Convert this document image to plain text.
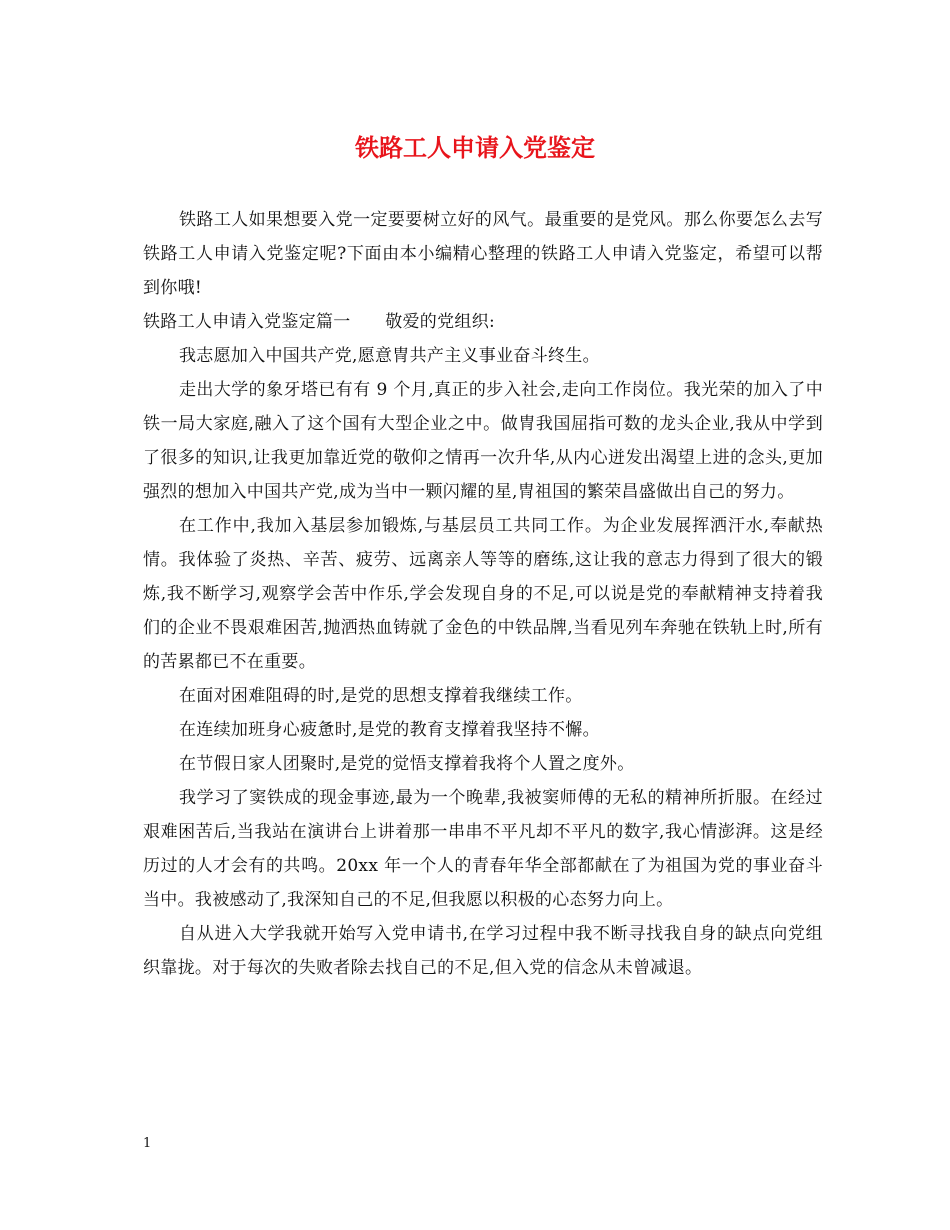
铁路工人申请入党鉴定

铁路工人如果想要入党一定要要树立好的风气。最重要的是党风。那么你要怎么去写铁路工人申请入党鉴定呢?下面由本小编精心整理的铁路工人申请入党鉴定，希望可以帮到你哦!

铁路工人申请入党鉴定篇一　　敬爱的党组织:

我志愿加入中国共产党,愿意冑共产主义事业奋斗终生。

走出大学的象牙塔已有有 9 个月,真正的步入社会,走向工作岗位。我光荣的加入了中铁一局大家庭,融入了这个国有大型企业之中。做冑我国屈指可数的龙头企业,我从中学到了很多的知识,让我更加靠近党的敬仰之情再一次升华,从内心迸发出渴望上进的念头,更加强烈的想加入中国共产党,成为当中一颗闪耀的星,冑祖国的繁荣昌盛做出自己的努力。

在工作中,我加入基层参加锻炼,与基层员工共同工作。为企业发展挥洒汗水,奉献热情。我体验了炎热、辛苦、疲劳、远离亲人等等的磨练,这让我的意志力得到了很大的锻炼,我不断学习,观察学会苦中作乐,学会发现自身的不足,可以说是党的奉献精神支持着我们的企业不畏艰难困苦,抛洒热血铸就了金色的中铁品牌,当看见列车奔驰在铁轨上时,所有的苦累都已不在重要。

在面对困难阻碍的时,是党的思想支撑着我继续工作。

在连续加班身心疲惫时,是党的教育支撑着我坚持不懈。

在节假日家人团聚时,是党的觉悟支撑着我将个人置之度外。

我学习了窦铁成的现金事迹,最为一个晚辈,我被窦师傅的无私的精神所折服。在经过艰难困苦后,当我站在演讲台上讲着那一串串不平凡却不平凡的数字,我心情澎湃。这是经历过的人才会有的共鸣。20xx 年一个人的青春年华全部都献在了为祖国为党的事业奋斗当中。我被感动了,我深知自己的不足,但我愿以积极的心态努力向上。

自从进入大学我就开始写入党申请书,在学习过程中我不断寻找我自身的缺点向党组织靠拢。对于每次的失败者除去找自己的不足,但入党的信念从未曾减退。

1
